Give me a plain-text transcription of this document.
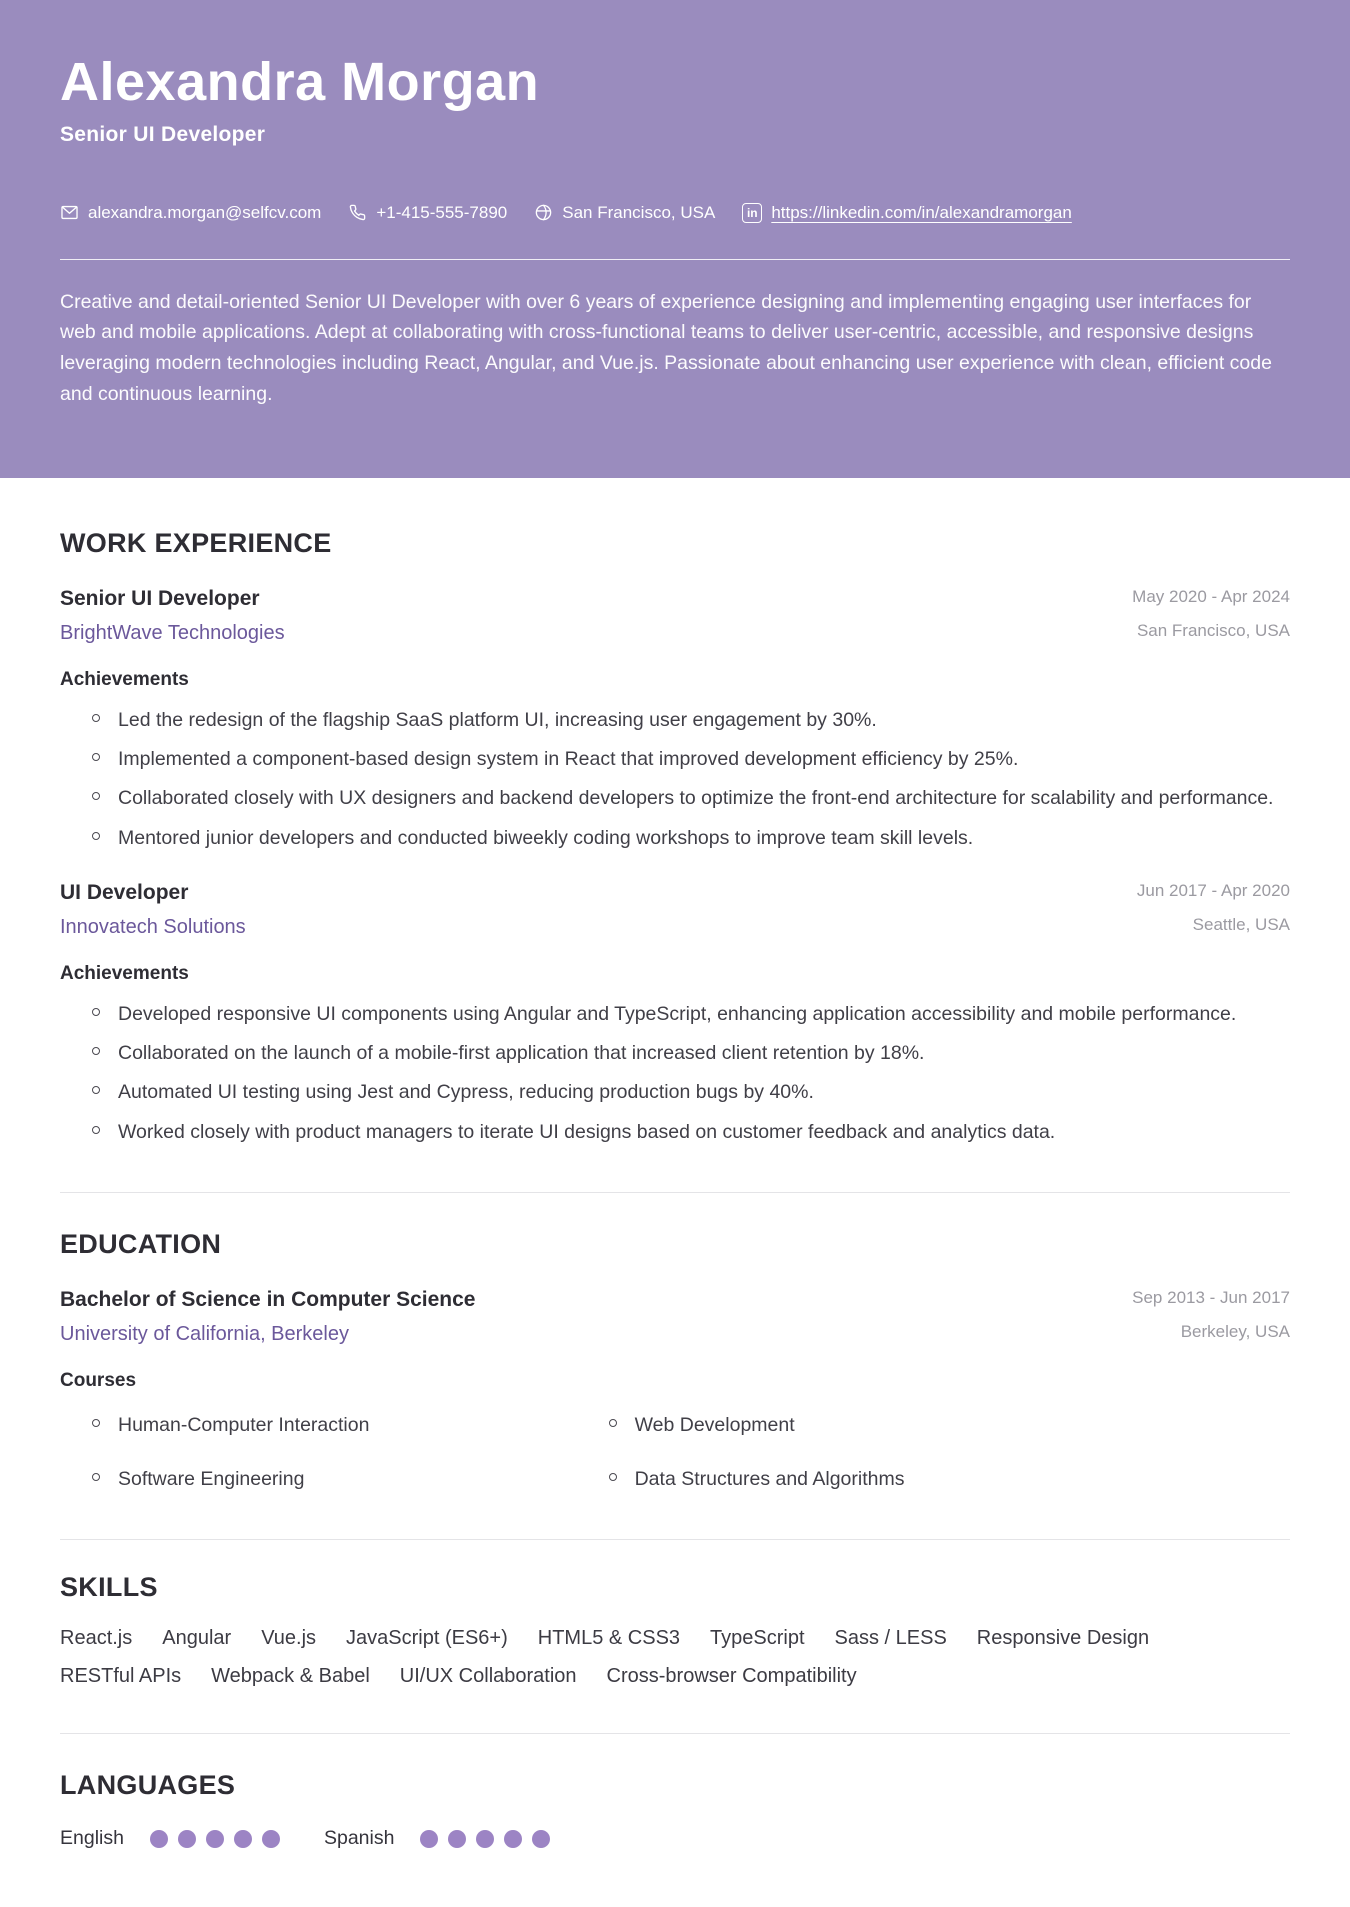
Alexandra Morgan
Senior UI Developer
alexandra.morgan@selfcv.com	+1-415-555-7890	San Francisco, USA	in https://linkedin.com/in/alexandramorgan
Creative and detail-oriented Senior UI Developer with over 6 years of experience designing and implementing engaging user interfaces for web and mobile applications. Adept at collaborating with cross-functional teams to deliver user-centric, accessible, and responsive designs leveraging modern technologies including React, Angular, and Vue.js. Passionate about enhancing user experience with clean, efficient code and continuous learning.
WORK EXPERIENCE
Senior UI Developer
BrightWave Technologies
May 2020 - Apr 2024
San Francisco, USA
Achievements
Led the redesign of the flagship SaaS platform UI, increasing user engagement by 30%.
Implemented a component-based design system in React that improved development efficiency by 25%.
Collaborated closely with UX designers and backend developers to optimize the front-end architecture for scalability and performance.
Mentored junior developers and conducted biweekly coding workshops to improve team skill levels.
UI Developer
Innovatech Solutions
Jun 2017 - Apr 2020
Seattle, USA
Achievements
Developed responsive UI components using Angular and TypeScript, enhancing application accessibility and mobile performance.
Collaborated on the launch of a mobile-first application that increased client retention by 18%.
Automated UI testing using Jest and Cypress, reducing production bugs by 40%.
Worked closely with product managers to iterate UI designs based on customer feedback and analytics data.
EDUCATION
Bachelor of Science in Computer Science
University of California, Berkeley
Sep 2013 - Jun 2017
Berkeley, USA
Courses
Human-Computer Interaction	Web Development
Software Engineering	Data Structures and Algorithms
SKILLS
React.js Angular Vue.js JavaScript (ES6+) HTML5 & CSS3 TypeScript Sass / LESS Responsive Design
RESTful APIs Webpack & Babel UI/UX Collaboration Cross-browser Compatibility
LANGUAGES
English	Spanish
